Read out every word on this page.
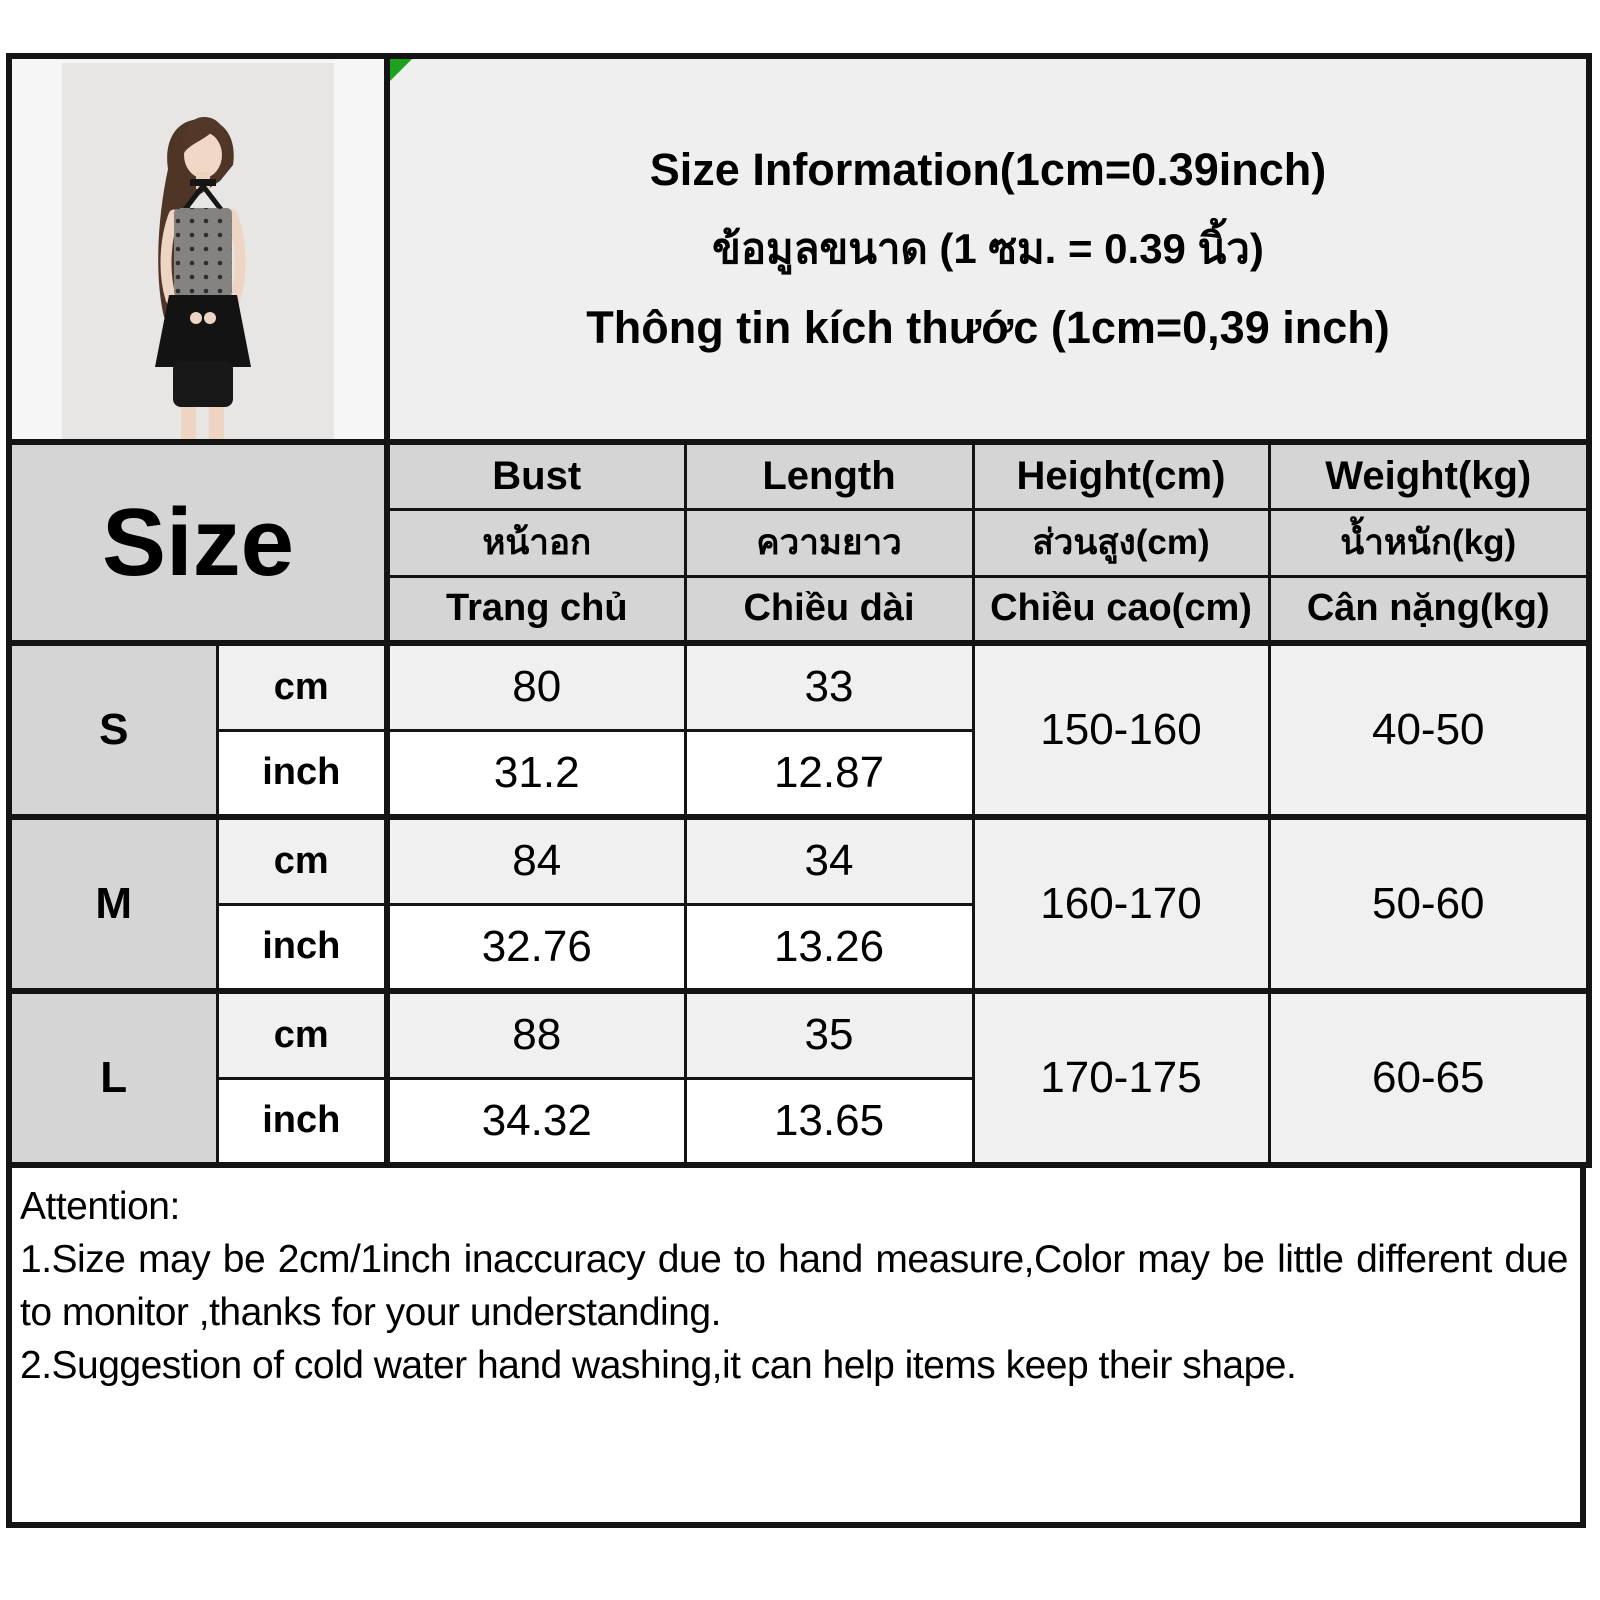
Size Information(1cm=0.39inch)
ข้อมูลขนาด (1 ซม. = 0.39 นิ้ว)
Thông tin kích thước (1cm=0,39 inch)			

Size		Bust	Length	Height(cm)	Weight(kg)
		หน้าอก	ความยาว	ส่วนสูง(cm)	น้ำหนัก(kg)
		Trang chủ	Chiều dài	Chiều cao(cm)	Cân nặng(kg)
S	cm	80	33	150-160	40-50
	inch	31.2	12.87		
M	cm	84	34	160-170	50-60
	inch	32.76	13.26		
L	cm	88	35	170-175	60-65
	inch	34.32	13.65		

Attention:

1.Size may be 2cm/1inch inaccuracy due to hand measure,Color may be little different due to monitor ,thanks for your understanding.

2.Suggestion of cold water hand washing,it can help items keep their shape.
